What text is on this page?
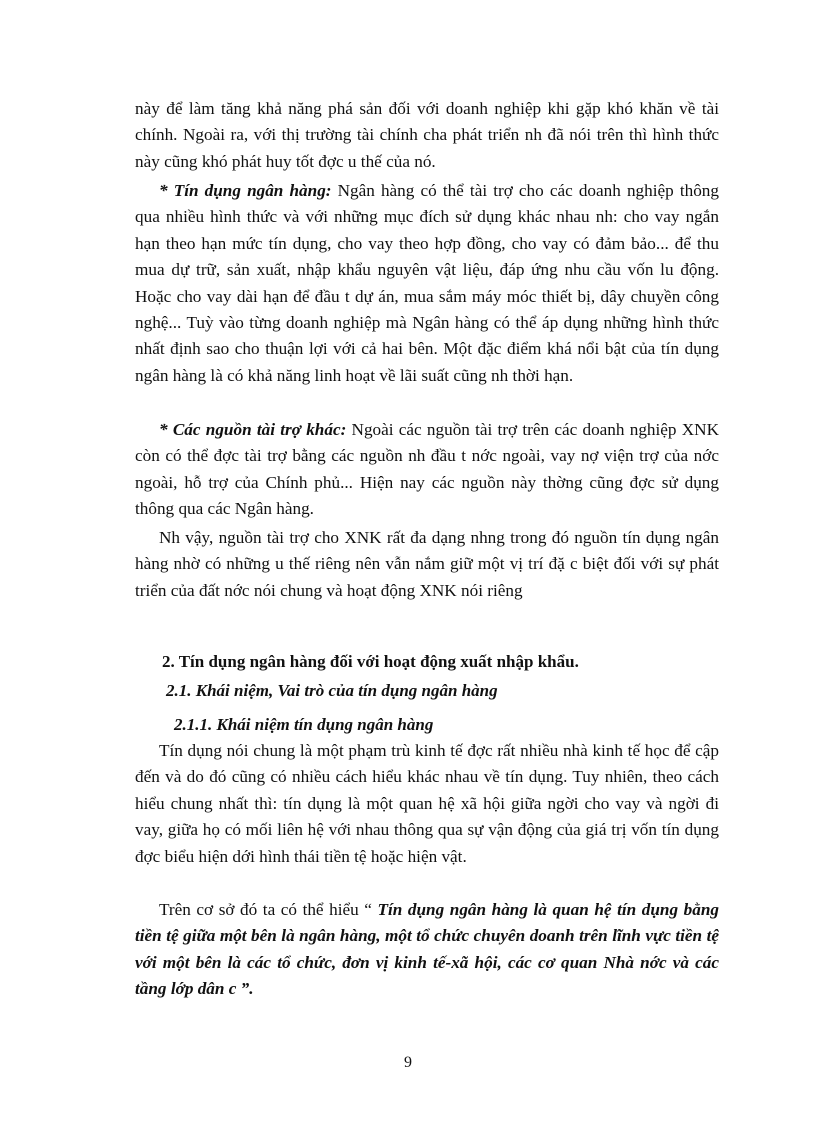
này để làm tăng khả năng phá sản đối với doanh nghiệp khi gặp khó khăn về tài chính. Ngoài ra, với thị trường tài chính cha phát triển nh đã nói trên thì hình thức này cũng khó phát huy tốt đợc u thế của nó.

* Tín dụng ngân hàng: Ngân hàng có thể tài trợ cho các doanh nghiệp thông qua nhiều hình thức và với những mục đích sử dụng khác nhau nh: cho vay ngắn hạn theo hạn mức tín dụng, cho vay theo hợp đồng, cho vay có đảm bảo... để thu mua dự trữ, sản xuất, nhập khẩu nguyên vật liệu, đáp ứng nhu cầu vốn lu động. Hoặc cho vay dài hạn để đầu t dự án, mua sắm máy móc thiết bị, dây chuyền công nghệ... Tuỳ vào từng doanh nghiệp mà Ngân hàng có thể áp dụng những hình thức nhất định sao cho thuận lợi với cả hai bên. Một đặc điểm khá nổi bật của tín dụng ngân hàng là có khả năng linh hoạt về lãi suất cũng nh thời hạn.

* Các nguồn tài trợ khác: Ngoài các nguồn tài trợ trên các doanh nghiệp XNK còn có thể đợc tài trợ bằng các nguồn nh đầu t nớc ngoài, vay nợ viện trợ của nớc ngoài, hỗ trợ của Chính phủ... Hiện nay các nguồn này thờng cũng đợc sử dụng thông qua các Ngân hàng.

Nh vậy, nguồn tài trợ cho XNK rất đa dạng nhng trong đó nguồn tín dụng ngân hàng nhờ có những u thế riêng nên vẫn nắm giữ một vị trí đặ c biệt đối với sự phát triển của đất nớc nói chung và hoạt động XNK nói riêng

2. Tín dụng ngân hàng đối với hoạt động xuất nhập khẩu.

2.1. Khái niệm, Vai trò của tín dụng ngân hàng

2.1.1. Khái niệm tín dụng ngân hàng

Tín dụng nói chung là một phạm trù kinh tế đợc rất nhiều nhà kinh tế học để cập đến và do đó cũng có nhiều cách hiểu khác nhau về tín dụng. Tuy nhiên, theo cách hiểu chung nhất thì: tín dụng là một quan hệ xã hội giữa ngời cho vay và ngời đi vay, giữa họ có mối liên hệ với nhau thông qua sự vận động của giá trị vốn tín dụng đợc biểu hiện dới hình thái tiền tệ hoặc hiện vật.

Trên cơ sở đó ta có thể hiểu “ Tín dụng ngân hàng là quan hệ tín dụng bằng tiền tệ giữa một bên là ngân hàng, một tổ chức chuyên doanh trên lĩnh vực tiền tệ với một bên là các tổ chức, đơn vị kinh tế-xã hội, các cơ quan Nhà nớc và các tầng lớp dân c ”.

9
